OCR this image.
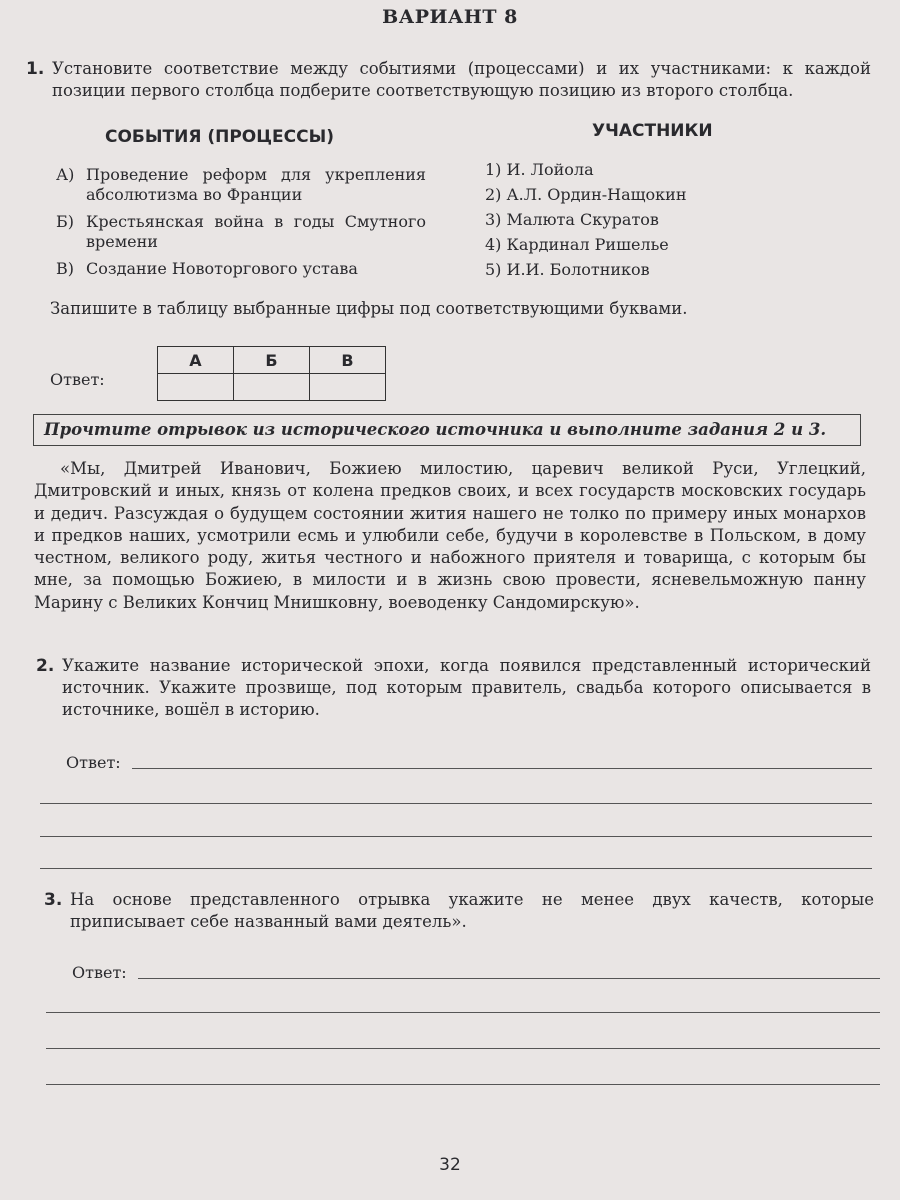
ВАРИАНТ 8
1. Установите соответствие между событиями (процессами) и их участниками: к каждой позиции первого столбца подберите соответствующую позицию из второго столбца.
СОБЫТИЯ (ПРОЦЕССЫ)	УЧАСТНИКИ
А) Проведение реформ для укрепления абсолютизма во Франции
Б) Крестьянская война в годы Смутного времени
В) Создание Новоторгового устава
1) И. Лойола
2) А.Л. Ордин-Нащокин
3) Малюта Скуратов
4) Кардинал Ришелье
5) И.И. Болотников
Запишите в таблицу выбранные цифры под соответствующими буквами.
Ответ:
А	Б	В

Прочтите отрывок из исторического источника и выполните задания 2 и 3.
«Мы, Дмитрей Иванович, Божиею милостию, царевич великой Руси, Углецкий, Дмитровский и иных, князь от колена предков своих, и всех государств московских государь и дедич. Разсуждая о будущем состоянии жития нашего не толко по примеру иных монархов и предков наших, усмотрили есмь и улюбили себе, будучи в королевстве в Польском, в дому честном, великого роду, житья честного и набожного приятеля и товарища, с которым бы мне, за помощью Божиею, в милости и в жизнь свою провести, ясневельможную панну Марину с Великих Кончиц Мнишковну, воеводенку Сандомирскую».
2. Укажите название исторической эпохи, когда появился представленный исторический источник. Укажите прозвище, под которым правитель, свадьба которого описывается в источнике, вошёл в историю.
Ответ:
3. На основе представленного отрывка укажите не менее двух качеств, которые приписывает себе названный вами деятель».
Ответ:
32
